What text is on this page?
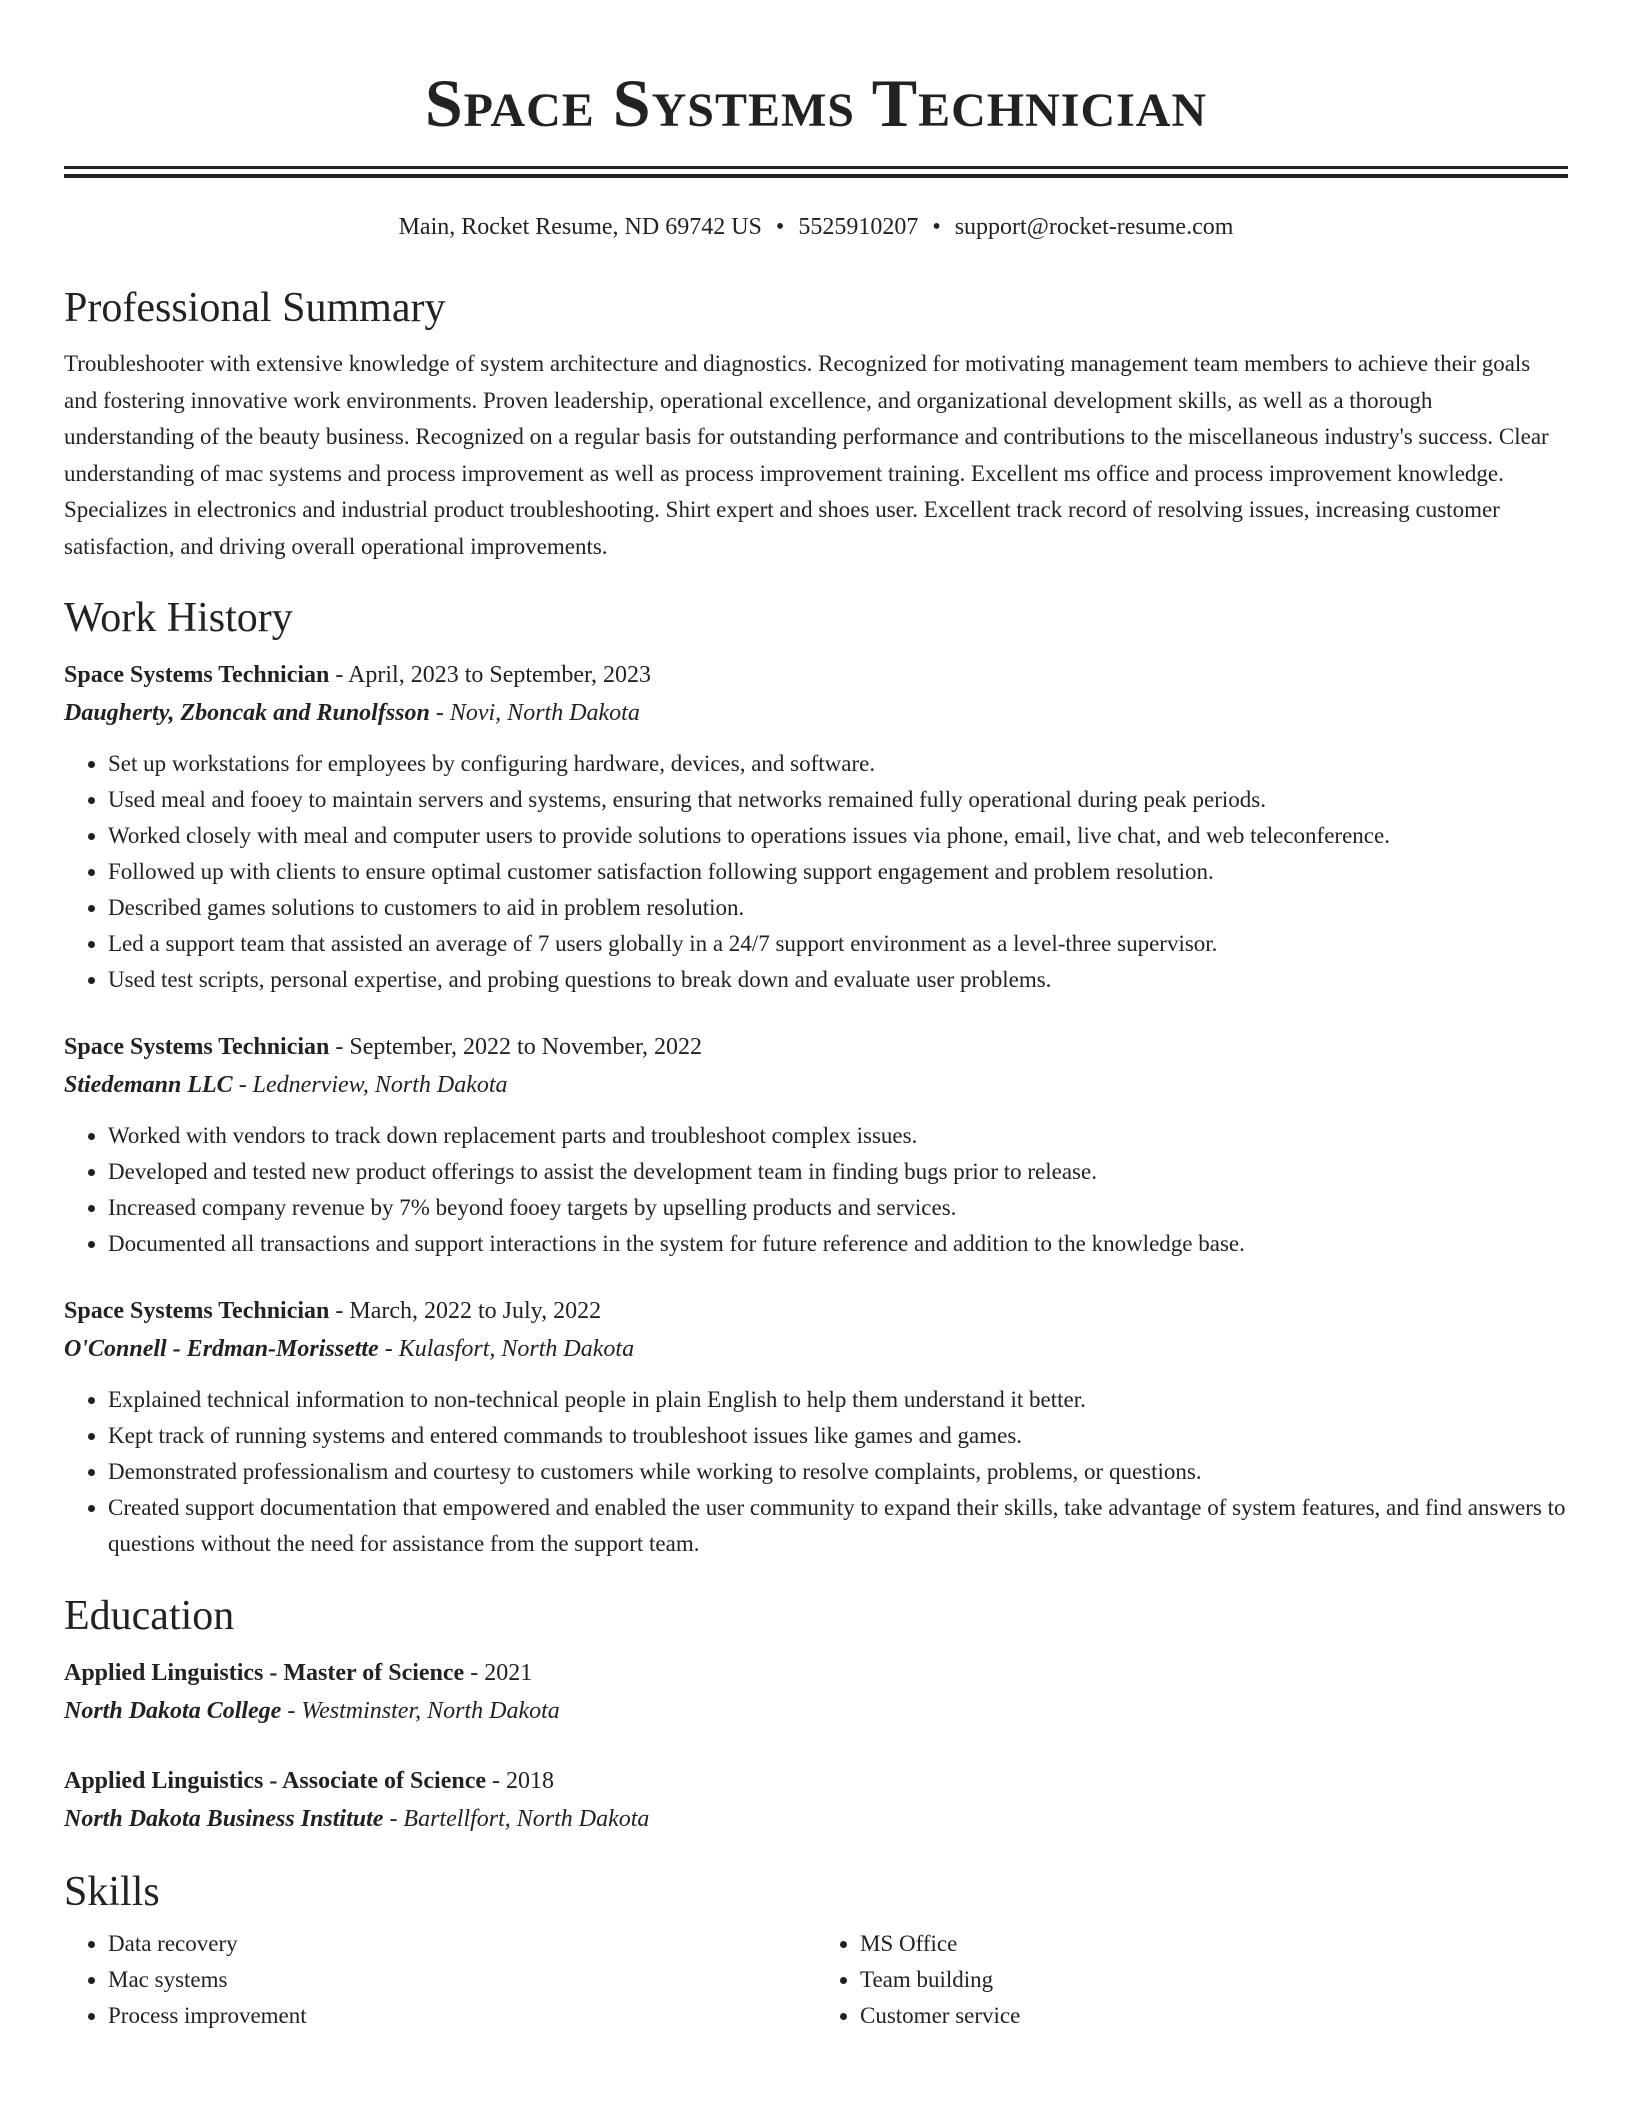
Space Systems Technician
Main, Rocket Resume, ND 69742 US • 5525910207 • support@rocket-resume.com
Professional Summary
Troubleshooter with extensive knowledge of system architecture and diagnostics. Recognized for motivating management team members to achieve their goals and fostering innovative work environments. Proven leadership, operational excellence, and organizational development skills, as well as a thorough understanding of the beauty business. Recognized on a regular basis for outstanding performance and contributions to the miscellaneous industry's success. Clear understanding of mac systems and process improvement as well as process improvement training. Excellent ms office and process improvement knowledge. Specializes in electronics and industrial product troubleshooting. Shirt expert and shoes user. Excellent track record of resolving issues, increasing customer satisfaction, and driving overall operational improvements.
Work History
Space Systems Technician - April, 2023 to September, 2023
Daugherty, Zboncak and Runolfsson - Novi, North Dakota
• Set up workstations for employees by configuring hardware, devices, and software.
• Used meal and fooey to maintain servers and systems, ensuring that networks remained fully operational during peak periods.
• Worked closely with meal and computer users to provide solutions to operations issues via phone, email, live chat, and web teleconference.
• Followed up with clients to ensure optimal customer satisfaction following support engagement and problem resolution.
• Described games solutions to customers to aid in problem resolution.
• Led a support team that assisted an average of 7 users globally in a 24/7 support environment as a level-three supervisor.
• Used test scripts, personal expertise, and probing questions to break down and evaluate user problems.
Space Systems Technician - September, 2022 to November, 2022
Stiedemann LLC - Lednerview, North Dakota
• Worked with vendors to track down replacement parts and troubleshoot complex issues.
• Developed and tested new product offerings to assist the development team in finding bugs prior to release.
• Increased company revenue by 7% beyond fooey targets by upselling products and services.
• Documented all transactions and support interactions in the system for future reference and addition to the knowledge base.
Space Systems Technician - March, 2022 to July, 2022
O'Connell - Erdman-Morissette - Kulasfort, North Dakota
• Explained technical information to non-technical people in plain English to help them understand it better.
• Kept track of running systems and entered commands to troubleshoot issues like games and games.
• Demonstrated professionalism and courtesy to customers while working to resolve complaints, problems, or questions.
• Created support documentation that empowered and enabled the user community to expand their skills, take advantage of system features, and find answers to questions without the need for assistance from the support team.
Education
Applied Linguistics - Master of Science - 2021
North Dakota College - Westminster, North Dakota
Applied Linguistics - Associate of Science - 2018
North Dakota Business Institute - Bartellfort, North Dakota
Skills
• Data recovery
• Mac systems
• Process improvement
• MS Office
• Team building
• Customer service
